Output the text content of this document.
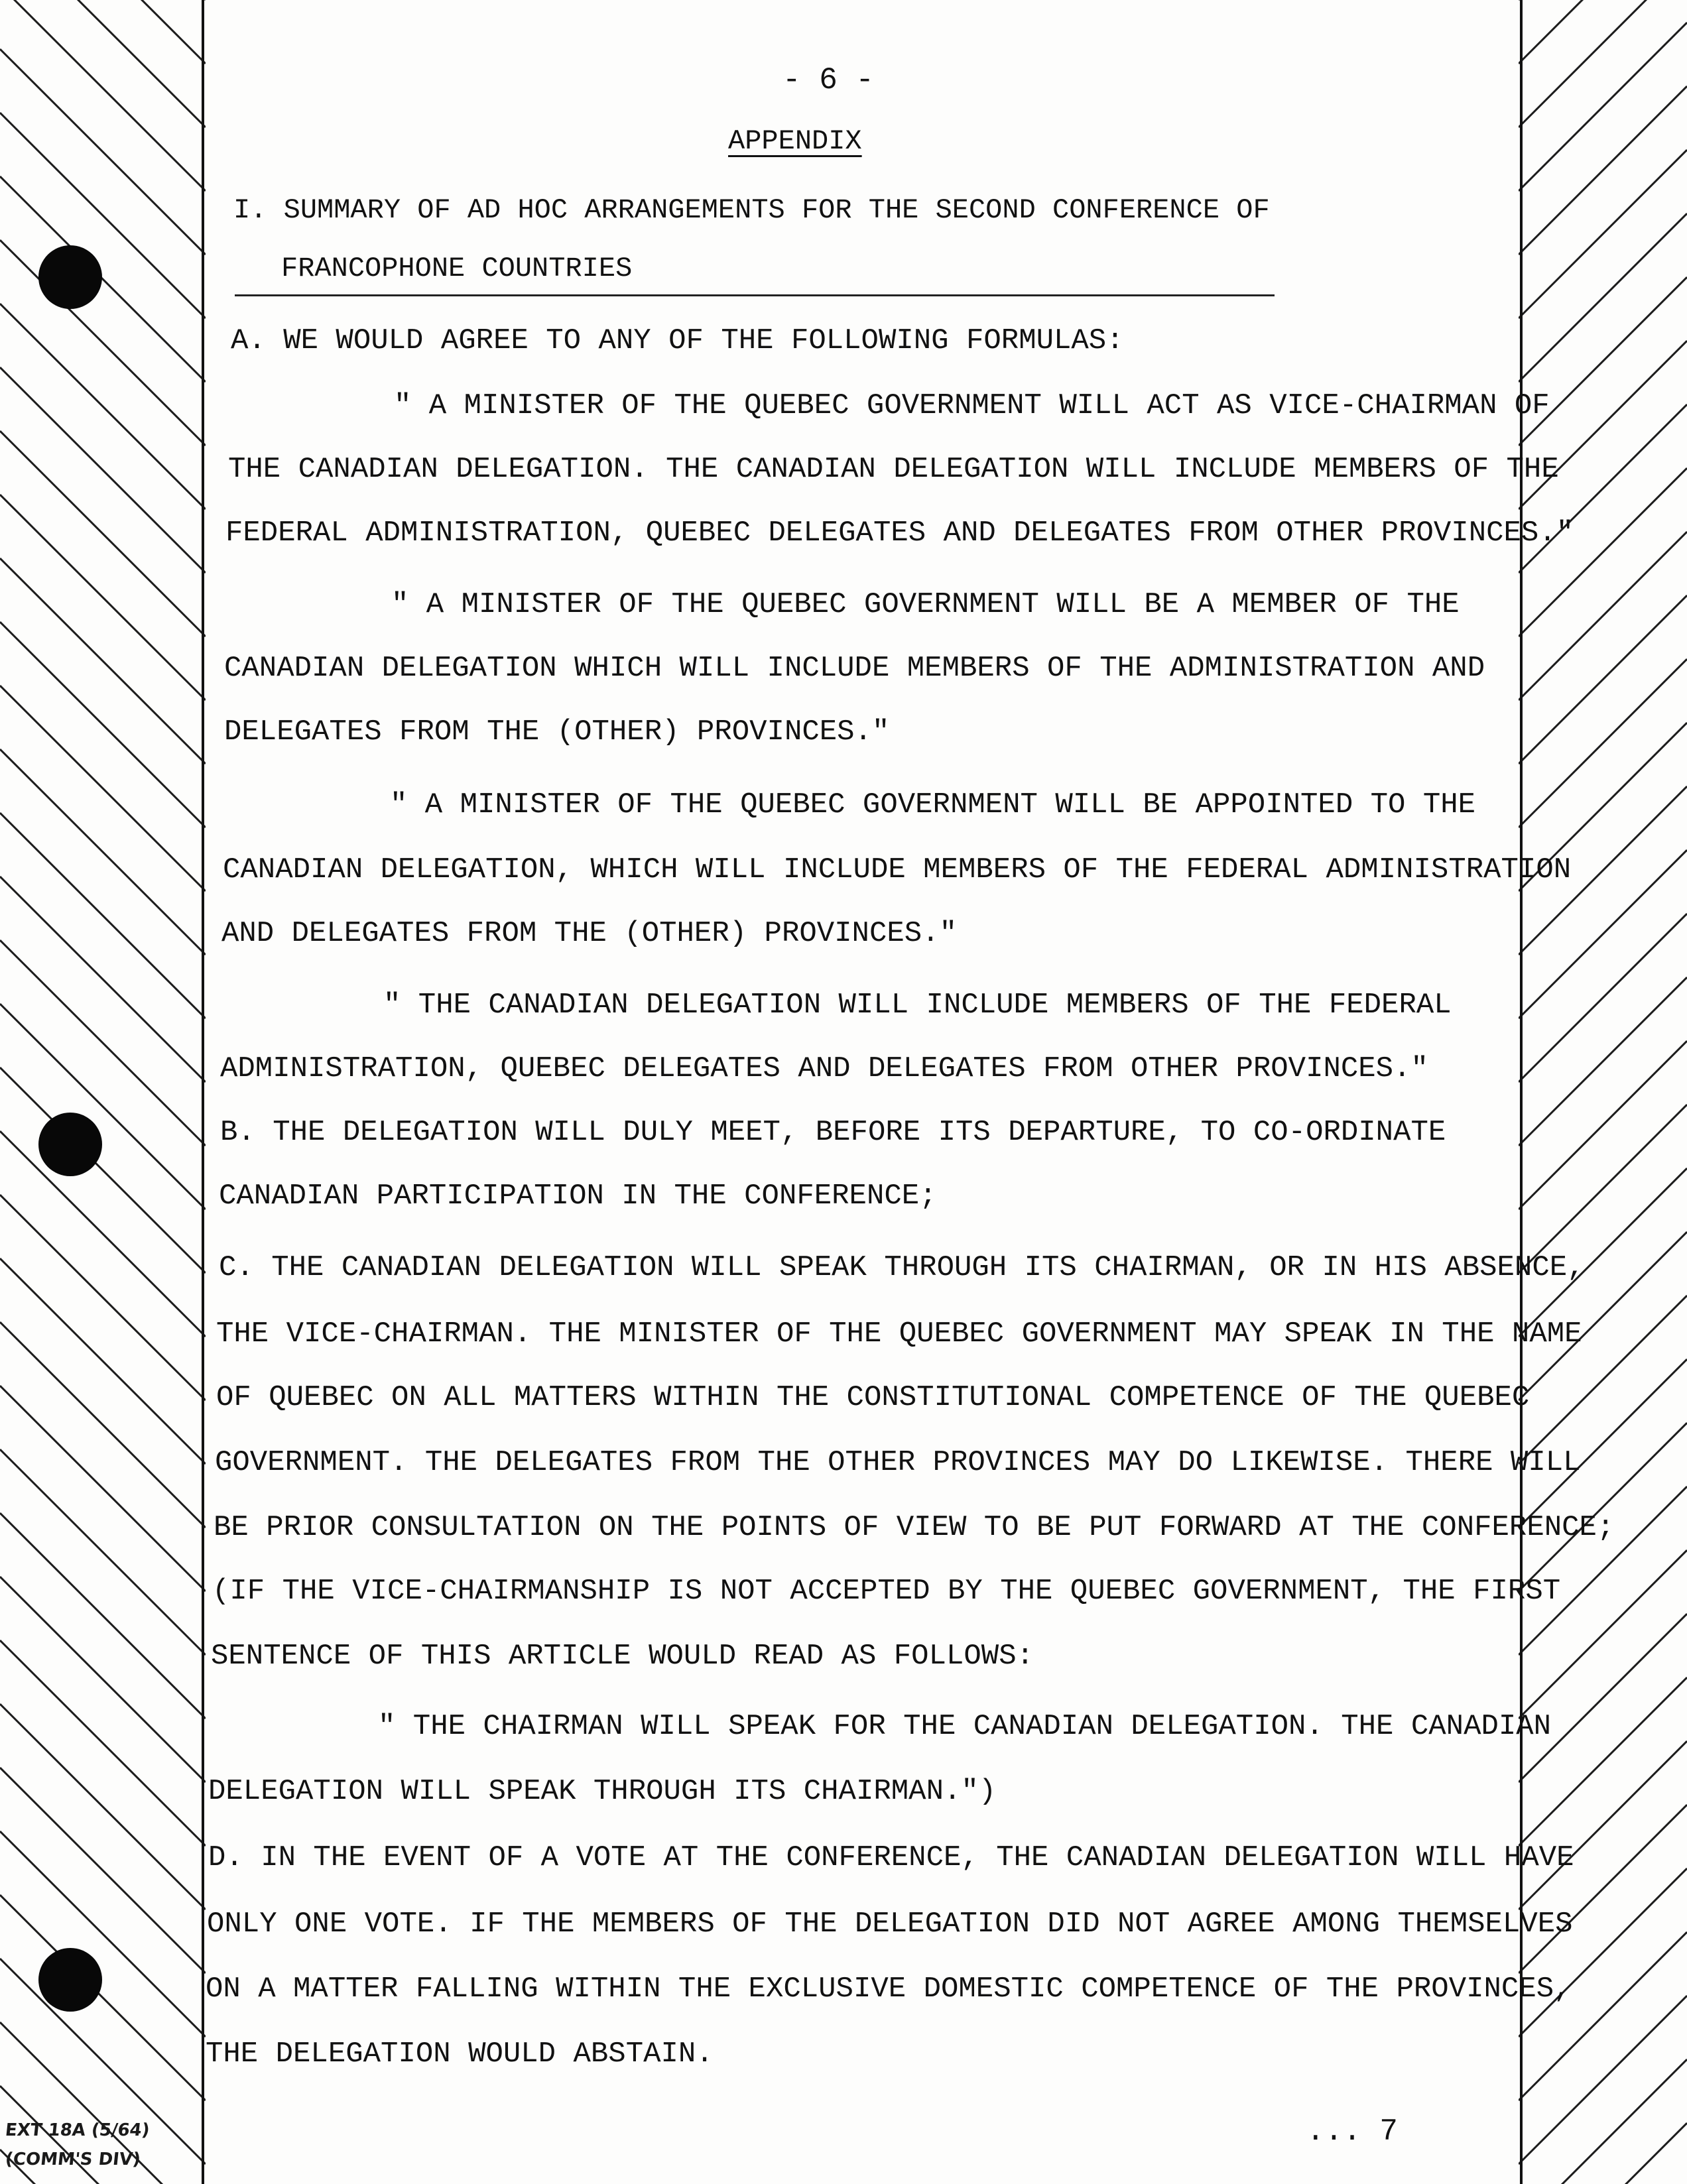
- 6 -
APPENDIX
I. SUMMARY OF AD HOC ARRANGEMENTS FOR THE SECOND CONFERENCE OF
FRANCOPHONE COUNTRIES
A. WE WOULD AGREE TO ANY OF THE FOLLOWING FORMULAS:
" A MINISTER OF THE QUEBEC GOVERNMENT WILL ACT AS VICE-CHAIRMAN OF
THE CANADIAN DELEGATION. THE CANADIAN DELEGATION WILL INCLUDE MEMBERS OF THE
FEDERAL ADMINISTRATION, QUEBEC DELEGATES AND DELEGATES FROM OTHER PROVINCES."
" A MINISTER OF THE QUEBEC GOVERNMENT WILL BE A MEMBER OF THE
CANADIAN DELEGATION WHICH WILL INCLUDE MEMBERS OF THE ADMINISTRATION AND
DELEGATES FROM THE (OTHER) PROVINCES."
" A MINISTER OF THE QUEBEC GOVERNMENT WILL BE APPOINTED TO THE
CANADIAN DELEGATION, WHICH WILL INCLUDE MEMBERS OF THE FEDERAL ADMINISTRATION
AND DELEGATES FROM THE (OTHER) PROVINCES."
" THE CANADIAN DELEGATION WILL INCLUDE MEMBERS OF THE FEDERAL
ADMINISTRATION, QUEBEC DELEGATES AND DELEGATES FROM OTHER PROVINCES."
B. THE DELEGATION WILL DULY MEET, BEFORE ITS DEPARTURE, TO CO-ORDINATE
CANADIAN PARTICIPATION IN THE CONFERENCE;
C. THE CANADIAN DELEGATION WILL SPEAK THROUGH ITS CHAIRMAN, OR IN HIS ABSENCE,
THE VICE-CHAIRMAN. THE MINISTER OF THE QUEBEC GOVERNMENT MAY SPEAK IN THE NAME
OF QUEBEC ON ALL MATTERS WITHIN THE CONSTITUTIONAL COMPETENCE OF THE QUEBEC
GOVERNMENT. THE DELEGATES FROM THE OTHER PROVINCES MAY DO LIKEWISE. THERE WILL
BE PRIOR CONSULTATION ON THE POINTS OF VIEW TO BE PUT FORWARD AT THE CONFERENCE;
(IF THE VICE-CHAIRMANSHIP IS NOT ACCEPTED BY THE QUEBEC GOVERNMENT, THE FIRST
SENTENCE OF THIS ARTICLE WOULD READ AS FOLLOWS:
" THE CHAIRMAN WILL SPEAK FOR THE CANADIAN DELEGATION. THE CANADIAN
DELEGATION WILL SPEAK THROUGH ITS CHAIRMAN.")
D. IN THE EVENT OF A VOTE AT THE CONFERENCE, THE CANADIAN DELEGATION WILL HAVE
ONLY ONE VOTE. IF THE MEMBERS OF THE DELEGATION DID NOT AGREE AMONG THEMSELVES
ON A MATTER FALLING WITHIN THE EXCLUSIVE DOMESTIC COMPETENCE OF THE PROVINCES,
THE DELEGATION WOULD ABSTAIN.
... 7
EXT 18A (5/64)
(COMM'S DIV)
